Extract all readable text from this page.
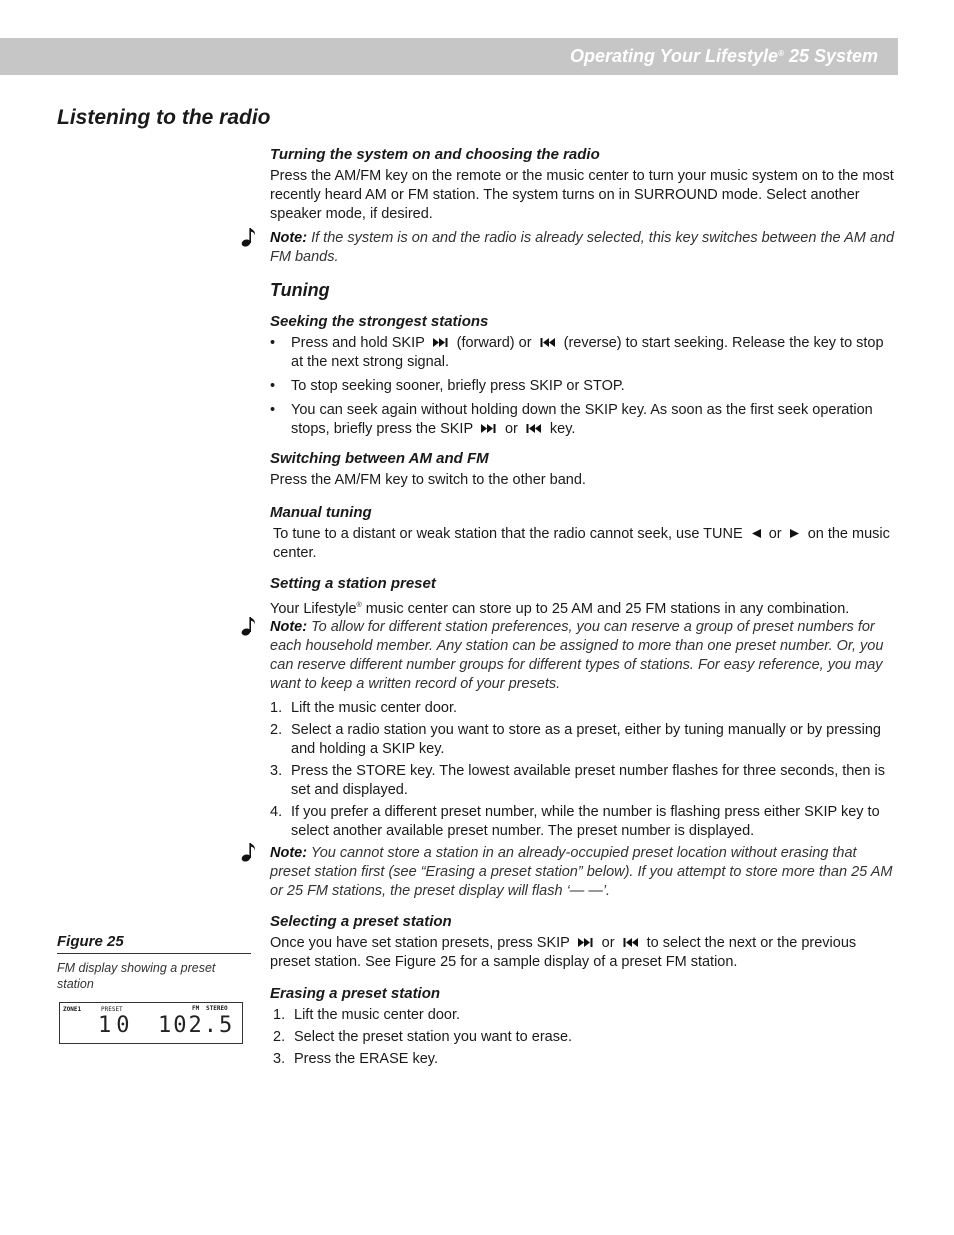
Operating Your Lifestyle® 25 System
Listening to the radio
Turning the system on and choosing the radio

Press the AM/FM key on the remote or the music center to turn your music system on to the most recently heard AM or FM station. The system turns on in SURROUND mode. Select another speaker mode, if desired.

Note: If the system is on and the radio is already selected, this key switches between the AM and FM bands.
Tuning
Seeking the strongest stations
• Press and hold SKIP (forward) or (reverse) to start seeking. Release the key to stop at the next strong signal.
• To stop seeking sooner, briefly press SKIP or STOP.
• You can seek again without holding down the SKIP key. As soon as the first seek operation stops, briefly press the SKIP or key.
Switching between AM and FM

Press the AM/FM key to switch to the other band.

Manual tuning

To tune to a distant or weak station that the radio cannot seek, use TUNE or on the music center.

Setting a station preset

Your Lifestyle® music center can store up to 25 AM and 25 FM stations in any combination.

Note: To allow for different station preferences, you can reserve a group of preset numbers for each household member. Any station can be assigned to more than one preset number. Or, you can reserve different number groups for different types of stations. For easy reference, you may want to keep a written record of your presets.
1. Lift the music center door.
2. Select a radio station you want to store as a preset, either by tuning manually or by pressing and holding a SKIP key.
3. Press the STORE key. The lowest available preset number flashes for three seconds, then is set and displayed.
4. If you prefer a different preset number, while the number is flashing press either SKIP key to select another available preset number. The preset number is displayed.
Note: You cannot store a station in an already-occupied preset location without erasing that preset station first (see “Erasing a preset station” below). If you attempt to store more than 25 AM or 25 FM stations, the preset display will flash ‘— —’.
Selecting a preset station

Once you have set station presets, press SKIP or to select the next or the previous preset station. See Figure 25 for a sample display of a preset FM station.

Erasing a preset station
1. Lift the music center door.
2. Select the preset station you want to erase.
3. Press the ERASE key.
Figure 25
FM display showing a preset station
ZONE1	PRESET	FM STEREO
10 102.5
